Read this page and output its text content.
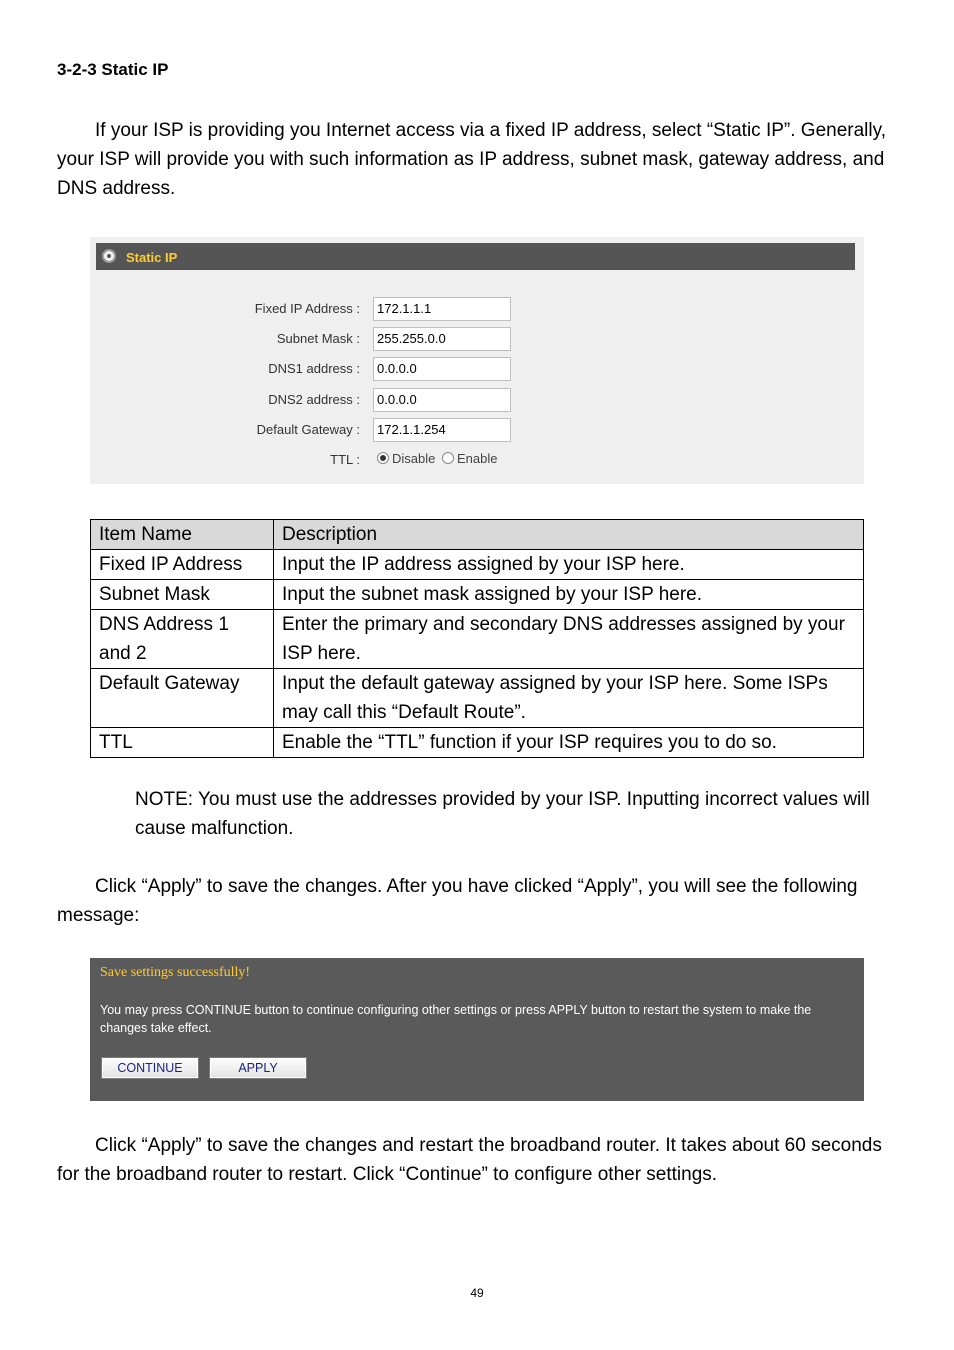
3-2-3 Static IP
If your ISP is providing you Internet access via a fixed IP address, select “Static IP”. Generally, your ISP will provide you with such information as IP address, subnet mask, gateway address, and DNS address.
Static IP
Fixed IP Address :	172.1.1.1
Subnet Mask :	255.255.0.0
DNS1 address :	0.0.0.0
DNS2 address :	0.0.0.0
Default Gateway :	172.1.1.254
TTL :	Disable Enable
Item Name	Description
Fixed IP Address	Input the IP address assigned by your ISP here.
Subnet Mask	Input the subnet mask assigned by your ISP here.
DNS Address 1 and 2	Enter the primary and secondary DNS addresses assigned by your ISP here.
Default Gateway	Input the default gateway assigned by your ISP here. Some ISPs may call this “Default Route”.
TTL	Enable the “TTL” function if your ISP requires you to do so.
NOTE: You must use the addresses provided by your ISP. Inputting incorrect values will cause malfunction.
Click “Apply” to save the changes. After you have clicked “Apply”, you will see the following message:
Save settings successfully!
You may press CONTINUE button to continue configuring other settings or press APPLY button to restart the system to make the changes take effect.
CONTINUE	APPLY
Click “Apply” to save the changes and restart the broadband router. It takes about 60 seconds for the broadband router to restart. Click “Continue” to configure other settings.
49
